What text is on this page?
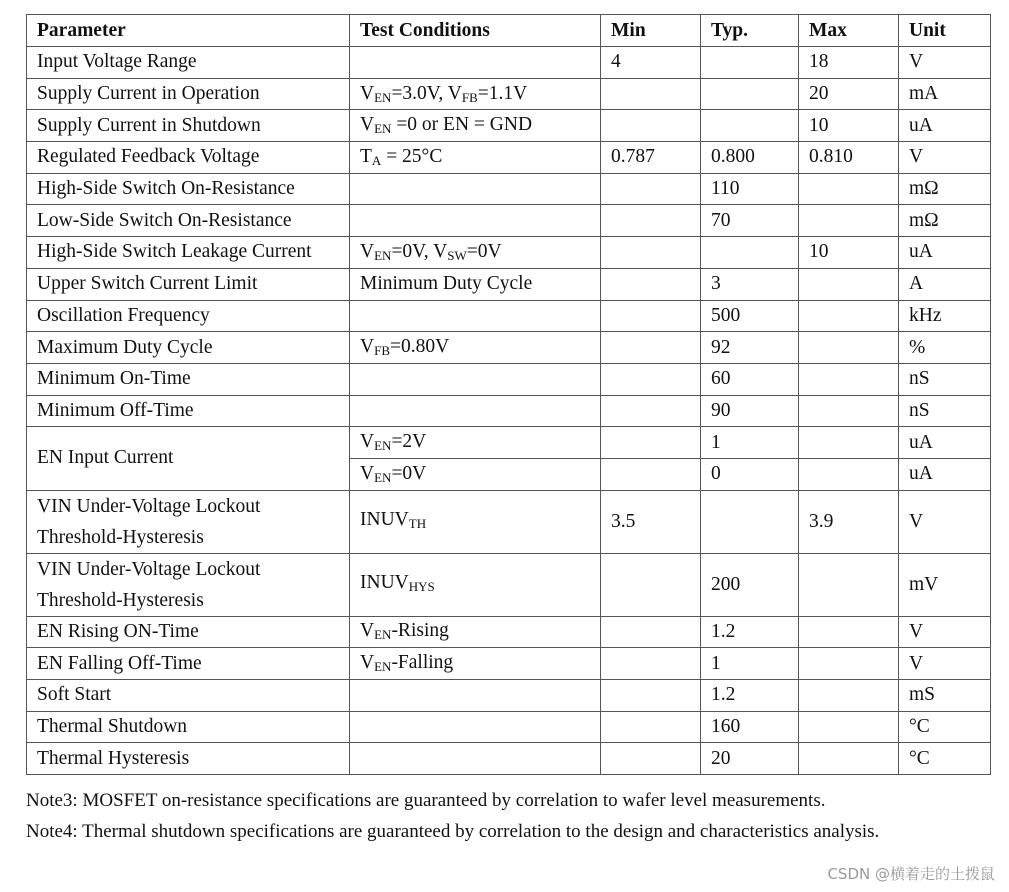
Parameter	Test Conditions	Min	Typ.	Max	Unit
Input Voltage Range		4		18	V
Supply Current in Operation	$V_{EN}=3.0V$, $V_{FB}=1.1V$			20	mA
Supply Current in Shutdown	$V_{EN} =0$ or EN = GND			10	uA
Regulated Feedback Voltage	$T_A = 25^\circ C$	0.787	0.800	0.810	V
High-Side Switch On-Resistance			110		mΩ
Low-Side Switch On-Resistance			70		mΩ
High-Side Switch Leakage Current	$V_{EN}=0V$, $V_{SW}=0V$			10	uA
Upper Switch Current Limit	Minimum Duty Cycle		3		A
Oscillation Frequency			500		kHz
Maximum Duty Cycle	$V_{FB}=0.80V$		92		%
Minimum On-Time			60		nS
Minimum Off-Time			90		nS
EN Input Current	$V_{EN}=2V$		1		uA
	$V_{EN}=0V$		0		uA
VIN Under-Voltage Lockout Threshold-Hysteresis	$INUV_{TH}$	3.5		3.9	V
VIN Under-Voltage Lockout Threshold-Hysteresis	$INUV_{HYS}$		200		mV
EN Rising ON-Time	$V_{EN}$-Rising		1.2		V
EN Falling Off-Time	$V_{EN}$-Falling		1		V
Soft Start			1.2		mS
Thermal Shutdown			160		°C
Thermal Hysteresis			20		°C
Note3: MOSFET on-resistance specifications are guaranteed by correlation to wafer level measurements.
Note4: Thermal shutdown specifications are guaranteed by correlation to the design and characteristics analysis.
CSDN @横着走的土拨鼠
